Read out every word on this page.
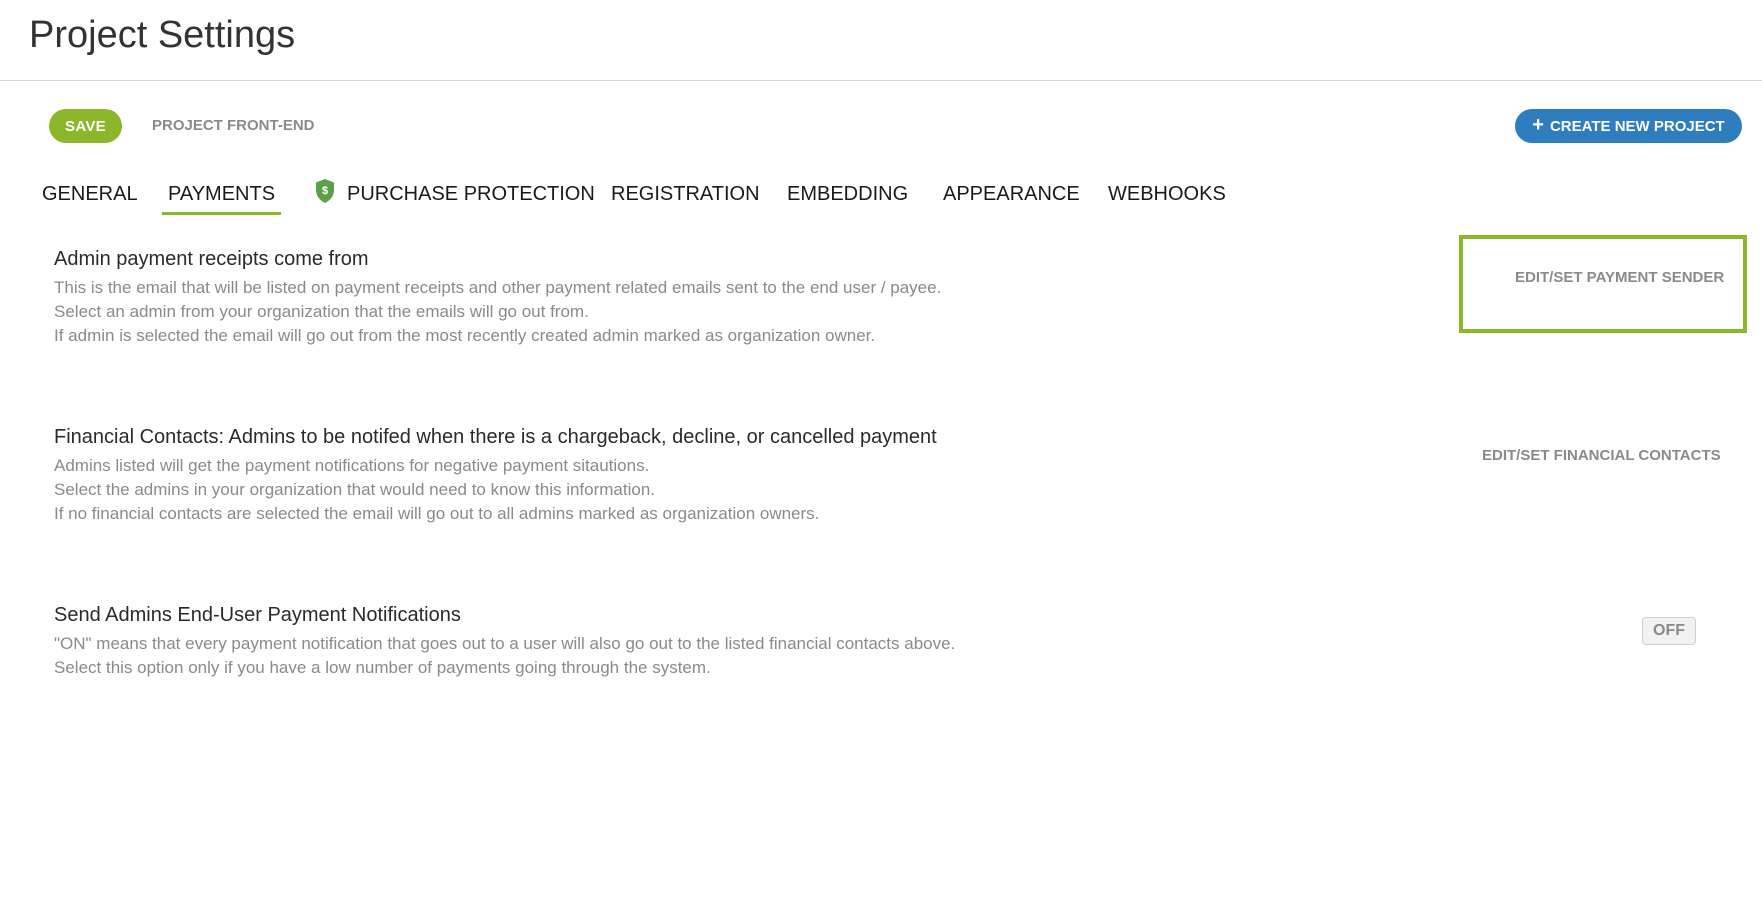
Project Settings
SAVE	PROJECT FRONT-END	+ CREATE NEW PROJECT
GENERAL PAYMENTS	$ PURCHASE PROTECTION REGISTRATION EMBEDDING APPEARANCE WEBHOOKS
Admin payment receipts come from
This is the email that will be listed on payment receipts and other payment related emails sent to the end user / payee.
Select an admin from your organization that the emails will go out from.
If admin is selected the email will go out from the most recently created admin marked as organization owner.
EDIT/SET PAYMENT SENDER
Financial Contacts: Admins to be notifed when there is a chargeback, decline, or cancelled payment
Admins listed will get the payment notifications for negative payment sitautions.
Select the admins in your organization that would need to know this information.
If no financial contacts are selected the email will go out to all admins marked as organization owners.
EDIT/SET FINANCIAL CONTACTS
Send Admins End-User Payment Notifications
"ON" means that every payment notification that goes out to a user will also go out to the listed financial contacts above.
Select this option only if you have a low number of payments going through the system.
OFF
